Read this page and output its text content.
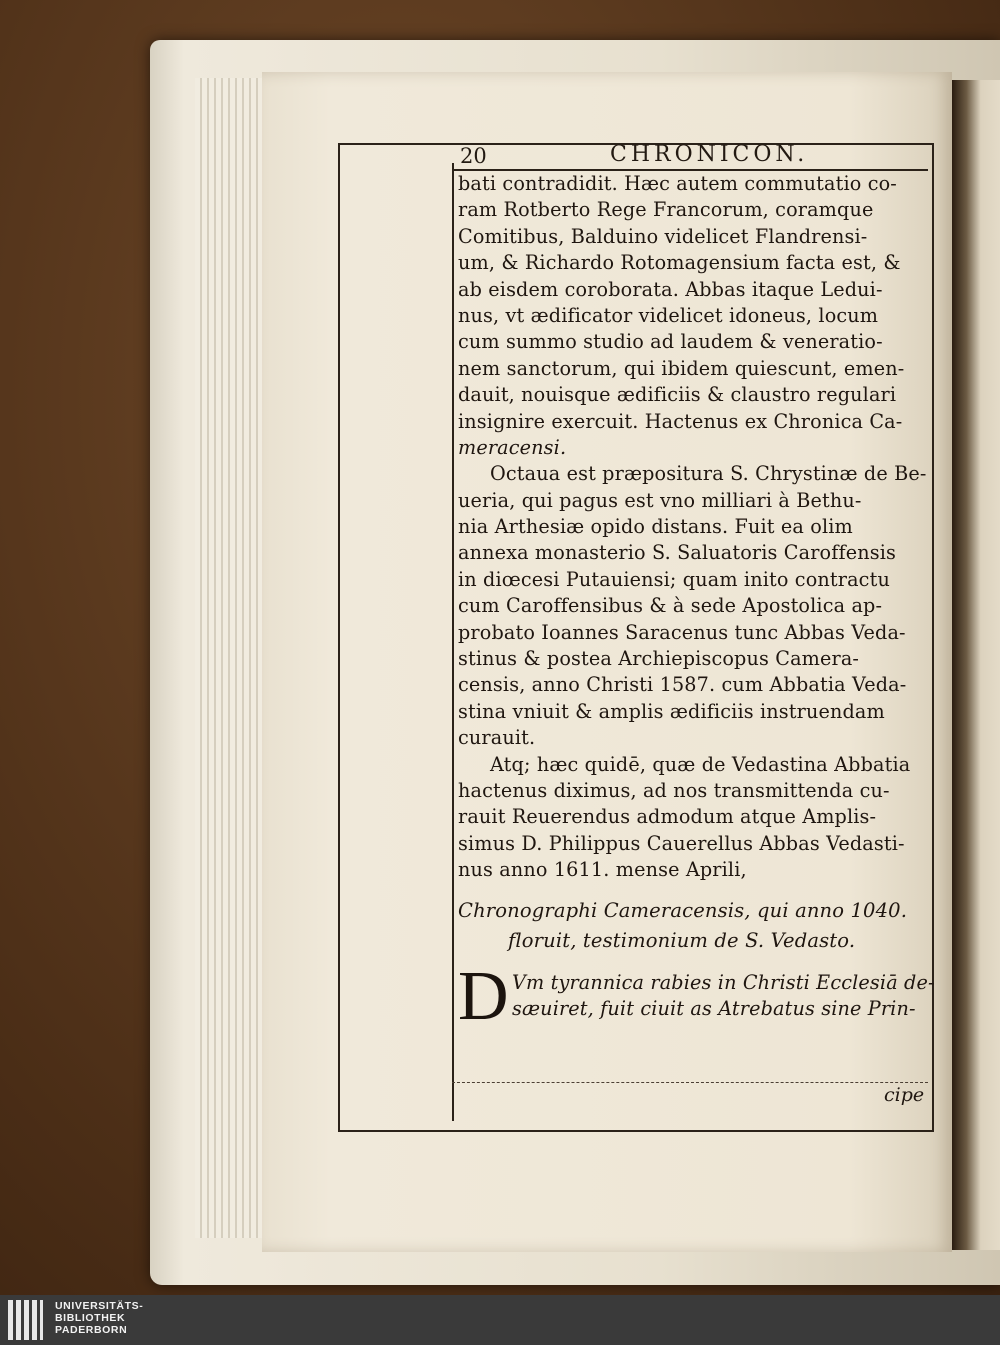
20	CHRONICON.
bati contradidit. Hæc autem commutatio co-
ram Rotberto Rege Francorum, coramque
Comitibus, Balduino videlicet Flandrensi-
um, & Richardo Rotomagensium facta est, &
ab eisdem coroborata. Abbas itaque Ledui-
nus, vt ædificator videlicet idoneus, locum
cum summo studio ad laudem & veneratio-
nem sanctorum, qui ibidem quiescunt, emen-
dauit, nouisque ædificiis & claustro regulari
insignire exercuit. Hactenus ex Chronica Ca-
meracensi.
Octaua est præpositura S. Chrystinæ de Be-
ueria, qui pagus est vno milliari à Bethu-
nia Arthesiæ opido distans. Fuit ea olim
annexa monasterio S. Saluatoris Caroffensis
in diœcesi Putauiensi; quam inito contractu
cum Caroffensibus & à sede Apostolica ap-
probato Ioannes Saracenus tunc Abbas Veda-
stinus & postea Archiepiscopus Camera-
censis, anno Christi 1587. cum Abbatia Veda-
stina vniuit & amplis ædificiis instruendam
curauit.
Atq; hæc quidē, quæ de Vedastina Abbatia
hactenus diximus, ad nos transmittenda cu-
rauit Reuerendus admodum atque Amplis-
simus D. Philippus Cauerellus Abbas Vedasti-
nus anno 1611. mense Aprili,
Chronographi Cameracensis, qui anno 1040.
floruit, testimonium de S. Vedasto.
D Vm tyrannica rabies in Christi Ecclesiā de-
sæuiret, fuit ciuit as Atrebatus sine Prin-
cipe
UNIVERSITÄTS-
BIBLIOTHEK
PADERBORN
